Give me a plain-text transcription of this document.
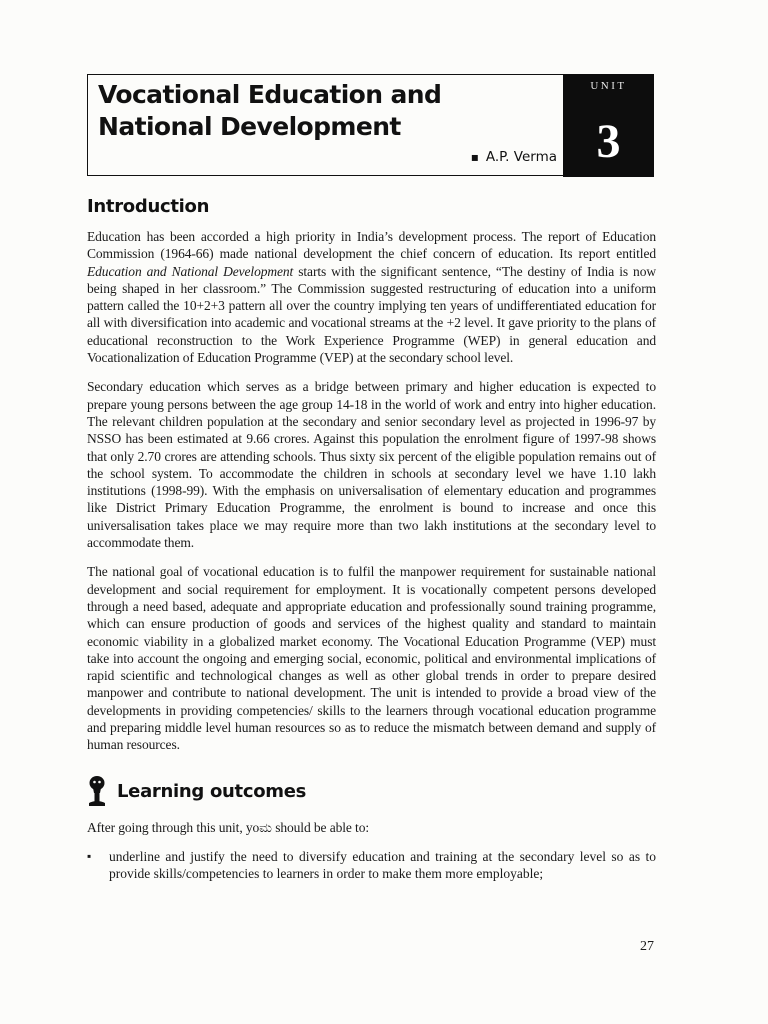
Vocational Education and
National Development
▪ A.P. Verma
UNIT
3
Introduction

Education has been accorded a high priority in India’s development process. The report of Education Commission (1964-66) made national development the chief concern of education. Its report entitled Education and National Development starts with the significant sentence, “The destiny of India is now being shaped in her classroom.” The Commission suggested restructuring of education into a uniform pattern called the 10+2+3 pattern all over the country implying ten years of undifferentiated education for all with diversification into academic and vocational streams at the +2 level. It gave priority to the plans of educational reconstruction to the Work Experience Programme (WEP) in general education and Vocationalization of Education Programme (VEP) at the secondary school level.

Secondary education which serves as a bridge between primary and higher education is expected to prepare young persons between the age group 14-18 in the world of work and entry into higher education. The relevant children population at the secondary and senior secondary level as projected in 1996-97 by NSSO has been estimated at 9.66 crores. Against this population the enrolment figure of 1997-98 shows that only 2.70 crores are attending schools. Thus sixty six percent of the eligible population remains out of the school system. To accommodate the children in schools at secondary level we have 1.10 lakh institutions (1998-99). With the emphasis on universalisation of elementary education and programmes like District Primary Education Programme, the enrolment is bound to increase and once this universalisation takes place we may require more than two lakh institutions at the secondary level to accommodate them.

The national goal of vocational education is to fulfil the manpower requirement for sustainable national development and social requirement for employment. It is vocationally competent persons developed through a need based, adequate and appropriate education and professionally sound training programme, which can ensure production of goods and services of the highest quality and standard to maintain economic viability in a globalized market economy. The Vocational Education Programme (VEP) must take into account the ongoing and emerging social, economic, political and environmental implications of rapid scientific and technological changes as well as other global trends in order to prepare desired manpower and contribute to national development. The unit is intended to provide a broad view of the developments in providing competencies/ skills to the learners through vocational education programme and preparing middle level human resources so as to reduce the mismatch between demand and supply of human resources.

Learning outcomes

After going through this unit, yoಮ should be able to:

▪ underline and justify the need to diversify education and training at the secondary level so as to provide skills/competencies to learners in order to make them more employable;
27
